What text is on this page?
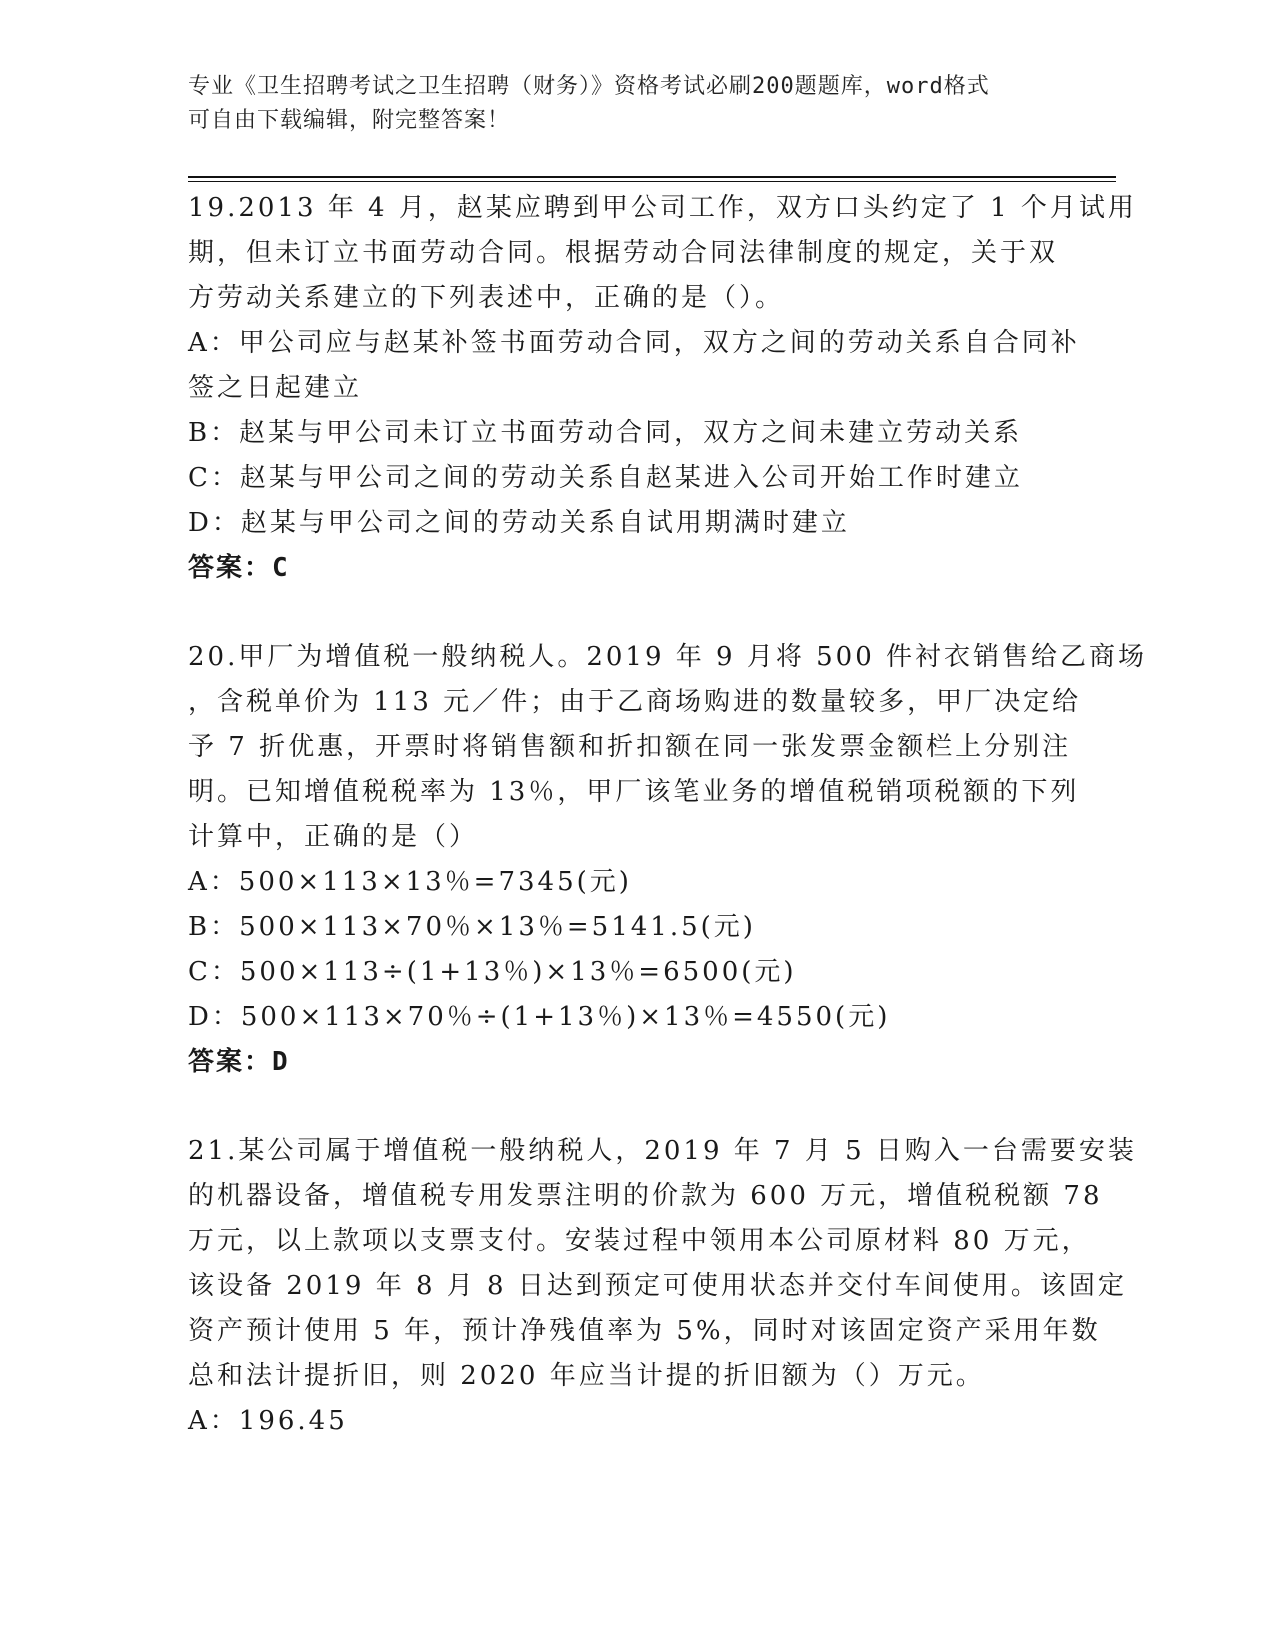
专业《卫生招聘考试之卫生招聘（财务）》资格考试必刷200题题库，word格式
可自由下载编辑，附完整答案！
19.2013 年 4 月，赵某应聘到甲公司工作，双方口头约定了 1 个月试用
期，但未订立书面劳动合同。根据劳动合同法律制度的规定，关于双
方劳动关系建立的下列表述中，正确的是（）。
A：甲公司应与赵某补签书面劳动合同，双方之间的劳动关系自合同补
签之日起建立
B：赵某与甲公司未订立书面劳动合同，双方之间未建立劳动关系
C：赵某与甲公司之间的劳动关系自赵某进入公司开始工作时建立
D：赵某与甲公司之间的劳动关系自试用期满时建立
答案：C
20.甲厂为增值税一般纳税人。2019 年 9 月将 500 件衬衣销售给乙商场
，含税单价为 113 元／件；由于乙商场购进的数量较多，甲厂决定给
予 7 折优惠，开票时将销售额和折扣额在同一张发票金额栏上分别注
明。已知增值税税率为 13％，甲厂该笔业务的增值税销项税额的下列
计算中，正确的是（）
A：500×113×13％=7345(元)
B：500×113×70％×13％=5141.5(元)
C：500×113÷(1+13％)×13％=6500(元)
D：500×113×70％÷(1+13％)×13％=4550(元)
答案：D
21.某公司属于增值税一般纳税人，2019 年 7 月 5 日购入一台需要安装
的机器设备，增值税专用发票注明的价款为 600 万元，增值税税额 78
万元，以上款项以支票支付。安装过程中领用本公司原材料 80 万元，
该设备 2019 年 8 月 8 日达到预定可使用状态并交付车间使用。该固定
资产预计使用 5 年，预计净残值率为 5%，同时对该固定资产采用年数
总和法计提折旧，则 2020 年应当计提的折旧额为（）万元。
A：196.45
